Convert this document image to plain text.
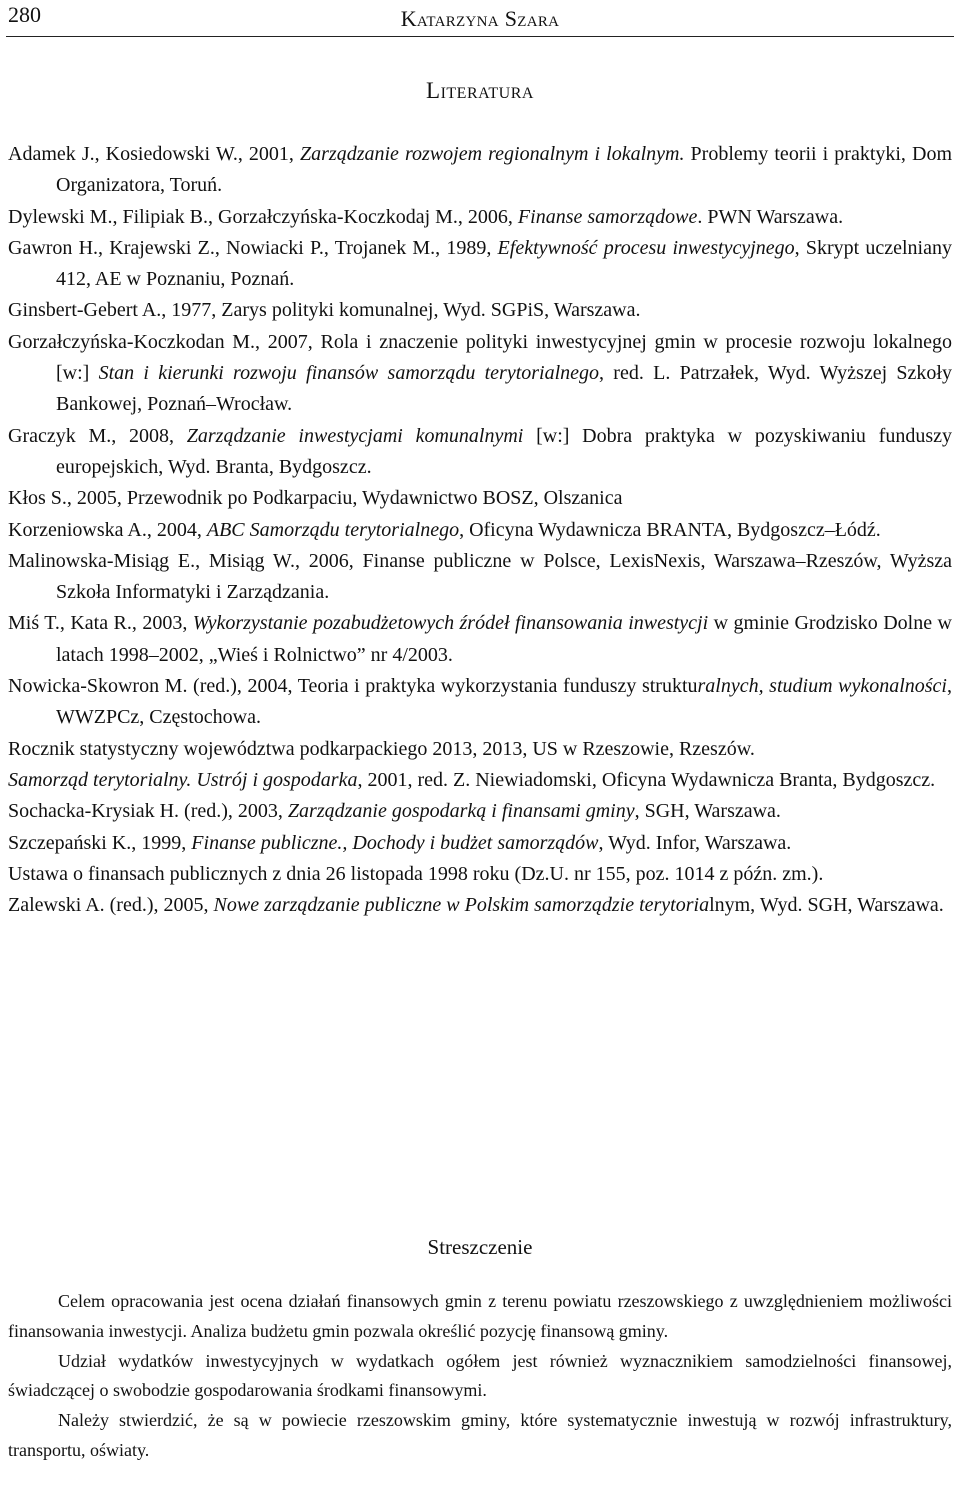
280	Katarzyna Szara
Literatura
Adamek J., Kosiedowski W., 2001, Zarządzanie rozwojem regionalnym i lokalnym. Problemy teorii i praktyki, Dom Organizatora, Toruń.
Dylewski M., Filipiak B., Gorzałczyńska-Koczkodaj M., 2006, Finanse samorządowe. PWN Warszawa.
Gawron H., Krajewski Z., Nowiacki P., Trojanek M., 1989, Efektywność procesu inwestycyjnego, Skrypt uczelniany 412, AE w Poznaniu, Poznań.
Ginsbert-Gebert A., 1977, Zarys polityki komunalnej, Wyd. SGPiS, Warszawa.
Gorzałczyńska-Koczkodan M., 2007, Rola i znaczenie polityki inwestycyjnej gmin w procesie rozwoju lokalnego [w:] Stan i kierunki rozwoju finansów samorządu terytorialnego, red. L. Patrzałek, Wyd. Wyższej Szkoły Bankowej, Poznań–Wrocław.
Graczyk M., 2008, Zarządzanie inwestycjami komunalnymi [w:] Dobra praktyka w pozyskiwaniu funduszy europejskich, Wyd. Branta, Bydgoszcz.
Kłos S., 2005, Przewodnik po Podkarpaciu, Wydawnictwo BOSZ, Olszanica
Korzeniowska A., 2004, ABC Samorządu terytorialnego, Oficyna Wydawnicza BRANTA, Bydgoszcz–Łódź.
Malinowska-Misiąg E., Misiąg W., 2006, Finanse publiczne w Polsce, LexisNexis, Warszawa–Rzeszów, Wyższa Szkoła Informatyki i Zarządzania.
Miś T., Kata R., 2003, Wykorzystanie pozabudżetowych źródeł finansowania inwestycji w gminie Grodzisko Dolne w latach 1998–2002, „Wieś i Rolnictwo” nr 4/2003.
Nowicka-Skowron M. (red.), 2004, Teoria i praktyka wykorzystania funduszy strukturalnych, studium wykonalności, WWZPCz, Częstochowa.
Rocznik statystyczny województwa podkarpackiego 2013, 2013, US w Rzeszowie, Rzeszów.
Samorząd terytorialny. Ustrój i gospodarka, 2001, red. Z. Niewiadomski, Oficyna Wydawnicza Branta, Bydgoszcz.
Sochacka-Krysiak H. (red.), 2003, Zarządzanie gospodarką i finansami gminy, SGH, Warszawa.
Szczepański K., 1999, Finanse publiczne., Dochody i budżet samorządów, Wyd. Infor, Warszawa.
Ustawa o finansach publicznych z dnia 26 listopada 1998 roku (Dz.U. nr 155, poz. 1014 z późn. zm.).
Zalewski A. (red.), 2005, Nowe zarządzanie publiczne w Polskim samorządzie terytorialnym, Wyd. SGH, Warszawa.
Streszczenie

Celem opracowania jest ocena działań finansowych gmin z terenu powiatu rzeszowskiego z uwzględnieniem możliwości finansowania inwestycji. Analiza budżetu gmin pozwala określić pozycję finansową gminy.

Udział wydatków inwestycyjnych w wydatkach ogółem jest również wyznacznikiem samodzielności finansowej, świadczącej o swobodzie gospodarowania środkami finansowymi.

Należy stwierdzić, że są w powiecie rzeszowskim gminy, które systematycznie inwestują w rozwój infrastruktury, transportu, oświaty.
